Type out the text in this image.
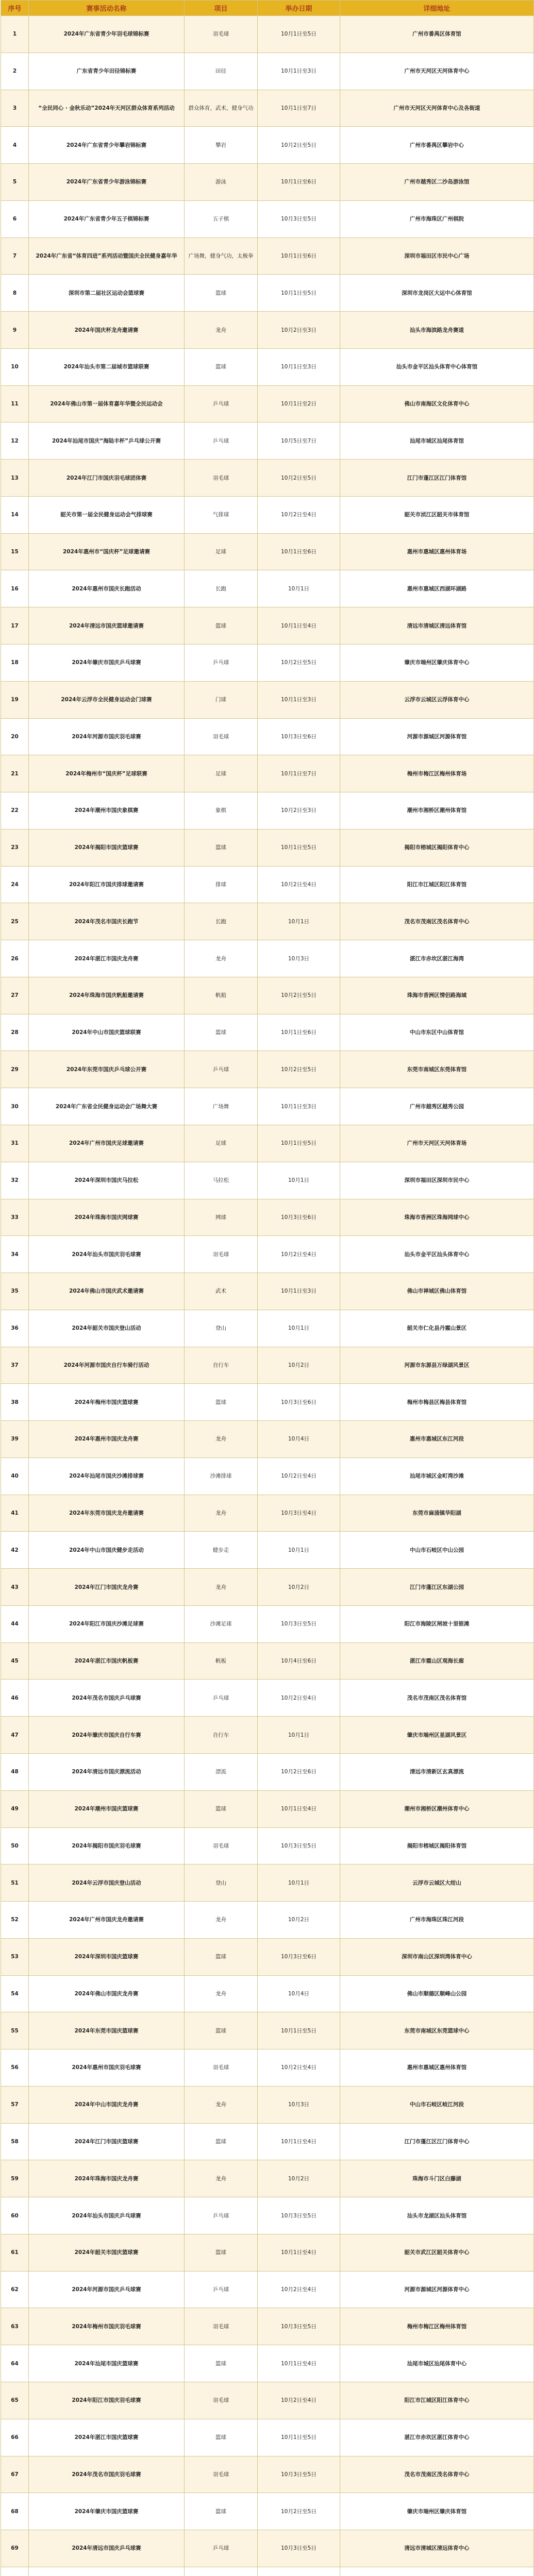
序号	赛事活动名称	项目	举办日期	详细地址
1	2024年广东省青少年羽毛球锦标赛	羽毛球	10月1日至5日	广州市番禺区体育馆
2	广东省青少年田径锦标赛	田径	10月1日至3日	广州市天河区天河体育中心
3	“全民同心 · 金秋乐动”2024年天河区群众体育系列活动	群众体育，武术，健身气功	10月1日至7日	广州市天河区天河体育中心及各街道
4	2024年广东省青少年攀岩锦标赛	攀岩	10月2日至5日	广州市番禺区攀岩中心
5	2024年广东省青少年游泳锦标赛	游泳	10月1日至6日	广州市越秀区二沙岛游泳馆
6	2024年广东省青少年五子棋锦标赛	五子棋	10月3日至5日	广州市海珠区广州棋院
7	2024年广东省“体育四进”系列活动暨国庆全民健身嘉年华	广场舞，健身气功，太极拳	10月1日至6日	深圳市福田区市民中心广场
8	深圳市第二届社区运动会篮球赛	篮球	10月1日至5日	深圳市龙岗区大运中心体育馆
9	2024年国庆杯龙舟邀请赛	龙舟	10月2日至3日	汕头市海滨路龙舟赛道
10	2024年汕头市第二届城市篮球联赛	篮球	10月1日至3日	汕头市金平区汕头体育中心体育馆
11	2024年佛山市第一届体育嘉年华暨全民运动会	乒乓球	10月1日至2日	佛山市南海区文化体育中心
12	2024年汕尾市国庆“海陆丰杯”乒乓球公开赛	乒乓球	10月5日至7日	汕尾市城区汕尾体育馆
13	2024年江门市国庆羽毛球团体赛	羽毛球	10月2日至5日	江门市蓬江区江门体育馆
14	韶关市第一届全民健身运动会气排球赛	气排球	10月2日至4日	韶关市浈江区韶关市体育馆
15	2024年惠州市“国庆杯”足球邀请赛	足球	10月1日至6日	惠州市惠城区惠州体育场
16	2024年惠州市国庆长跑活动	长跑	10月1日	惠州市惠城区西湖环湖路
17	2024年清远市国庆篮球邀请赛	篮球	10月1日至4日	清远市清城区清远体育馆
18	2024年肇庆市国庆乒乓球赛	乒乓球	10月2日至5日	肇庆市端州区肇庆体育中心
19	2024年云浮市全民健身运动会门球赛	门球	10月1日至3日	云浮市云城区云浮体育中心
20	2024年河源市国庆羽毛球赛	羽毛球	10月3日至6日	河源市源城区河源体育馆
21	2024年梅州市“国庆杯”足球联赛	足球	10月1日至7日	梅州市梅江区梅州体育场
22	2024年潮州市国庆象棋赛	象棋	10月2日至3日	潮州市湘桥区潮州体育馆
23	2024年揭阳市国庆篮球赛	篮球	10月1日至5日	揭阳市榕城区揭阳体育中心
24	2024年阳江市国庆排球邀请赛	排球	10月2日至4日	阳江市江城区阳江体育馆
25	2024年茂名市国庆长跑节	长跑	10月1日	茂名市茂南区茂名体育中心
26	2024年湛江市国庆龙舟赛	龙舟	10月3日	湛江市赤坎区湛江海湾
27	2024年珠海市国庆帆船邀请赛	帆船	10月2日至5日	珠海市香洲区情侣路海域
28	2024年中山市国庆篮球联赛	篮球	10月1日至6日	中山市东区中山体育馆
29	2024年东莞市国庆乒乓球公开赛	乒乓球	10月2日至5日	东莞市南城区东莞体育馆
30	2024年广东省全民健身运动会广场舞大赛	广场舞	10月1日至3日	广州市越秀区越秀公园
31	2024年广州市国庆足球邀请赛	足球	10月1日至5日	广州市天河区天河体育场
32	2024年深圳市国庆马拉松	马拉松	10月1日	深圳市福田区深圳市民中心
33	2024年珠海市国庆网球赛	网球	10月3日至6日	珠海市香洲区珠海网球中心
34	2024年汕头市国庆羽毛球赛	羽毛球	10月2日至4日	汕头市金平区汕头体育中心
35	2024年佛山市国庆武术邀请赛	武术	10月1日至3日	佛山市禅城区佛山体育馆
36	2024年韶关市国庆登山活动	登山	10月1日	韶关市仁化县丹霞山景区
37	2024年河源市国庆自行车骑行活动	自行车	10月2日	河源市东源县万绿湖风景区
38	2024年梅州市国庆篮球赛	篮球	10月3日至6日	梅州市梅县区梅县体育馆
39	2024年惠州市国庆龙舟赛	龙舟	10月4日	惠州市惠城区东江河段
40	2024年汕尾市国庆沙滩排球赛	沙滩排球	10月2日至4日	汕尾市城区金町湾沙滩
41	2024年东莞市国庆龙舟邀请赛	龙舟	10月3日至4日	东莞市麻涌镇华阳湖
42	2024年中山市国庆健步走活动	健步走	10月1日	中山市石岐区中山公园
43	2024年江门市国庆龙舟赛	龙舟	10月2日	江门市蓬江区东湖公园
44	2024年阳江市国庆沙滩足球赛	沙滩足球	10月3日至5日	阳江市海陵区闸坡十里银滩
45	2024年湛江市国庆帆板赛	帆板	10月4日至6日	湛江市霞山区观海长廊
46	2024年茂名市国庆乒乓球赛	乒乓球	10月2日至4日	茂名市茂南区茂名体育馆
47	2024年肇庆市国庆自行车赛	自行车	10月1日	肇庆市端州区星湖风景区
48	2024年清远市国庆漂流活动	漂流	10月2日至6日	清远市清新区玄真漂流
49	2024年潮州市国庆篮球赛	篮球	10月1日至4日	潮州市湘桥区潮州体育中心
50	2024年揭阳市国庆羽毛球赛	羽毛球	10月3日至5日	揭阳市榕城区揭阳体育馆
51	2024年云浮市国庆登山活动	登山	10月1日	云浮市云城区大绀山
52	2024年广州市国庆龙舟邀请赛	龙舟	10月2日	广州市海珠区珠江河段
53	2024年深圳市国庆篮球赛	篮球	10月3日至6日	深圳市南山区深圳湾体育中心
54	2024年佛山市国庆龙舟赛	龙舟	10月4日	佛山市顺德区顺峰山公园
55	2024年东莞市国庆篮球赛	篮球	10月1日至5日	东莞市南城区东莞篮球中心
56	2024年惠州市国庆羽毛球赛	羽毛球	10月2日至4日	惠州市惠城区惠州体育馆
57	2024年中山市国庆龙舟赛	龙舟	10月3日	中山市石岐区岐江河段
58	2024年江门市国庆篮球赛	篮球	10月1日至4日	江门市蓬江区江门体育中心
59	2024年珠海市国庆龙舟赛	龙舟	10月2日	珠海市斗门区白藤湖
60	2024年汕头市国庆乒乓球赛	乒乓球	10月3日至5日	汕头市龙湖区汕头体育馆
61	2024年韶关市国庆篮球赛	篮球	10月1日至4日	韶关市武江区韶关体育中心
62	2024年河源市国庆乒乓球赛	乒乓球	10月2日至4日	河源市源城区河源体育中心
63	2024年梅州市国庆羽毛球赛	羽毛球	10月3日至5日	梅州市梅江区梅州体育馆
64	2024年汕尾市国庆篮球赛	篮球	10月1日至4日	汕尾市城区汕尾体育中心
65	2024年阳江市国庆羽毛球赛	羽毛球	10月2日至4日	阳江市江城区阳江体育中心
66	2024年湛江市国庆篮球赛	篮球	10月1日至5日	湛江市赤坎区湛江体育中心
67	2024年茂名市国庆羽毛球赛	羽毛球	10月3日至5日	茂名市茂南区茂名体育中心
68	2024年肇庆市国庆篮球赛	篮球	10月2日至5日	肇庆市端州区肇庆体育馆
69	2024年清远市国庆乒乓球赛	乒乓球	10月3日至5日	清远市清城区清远体育中心
